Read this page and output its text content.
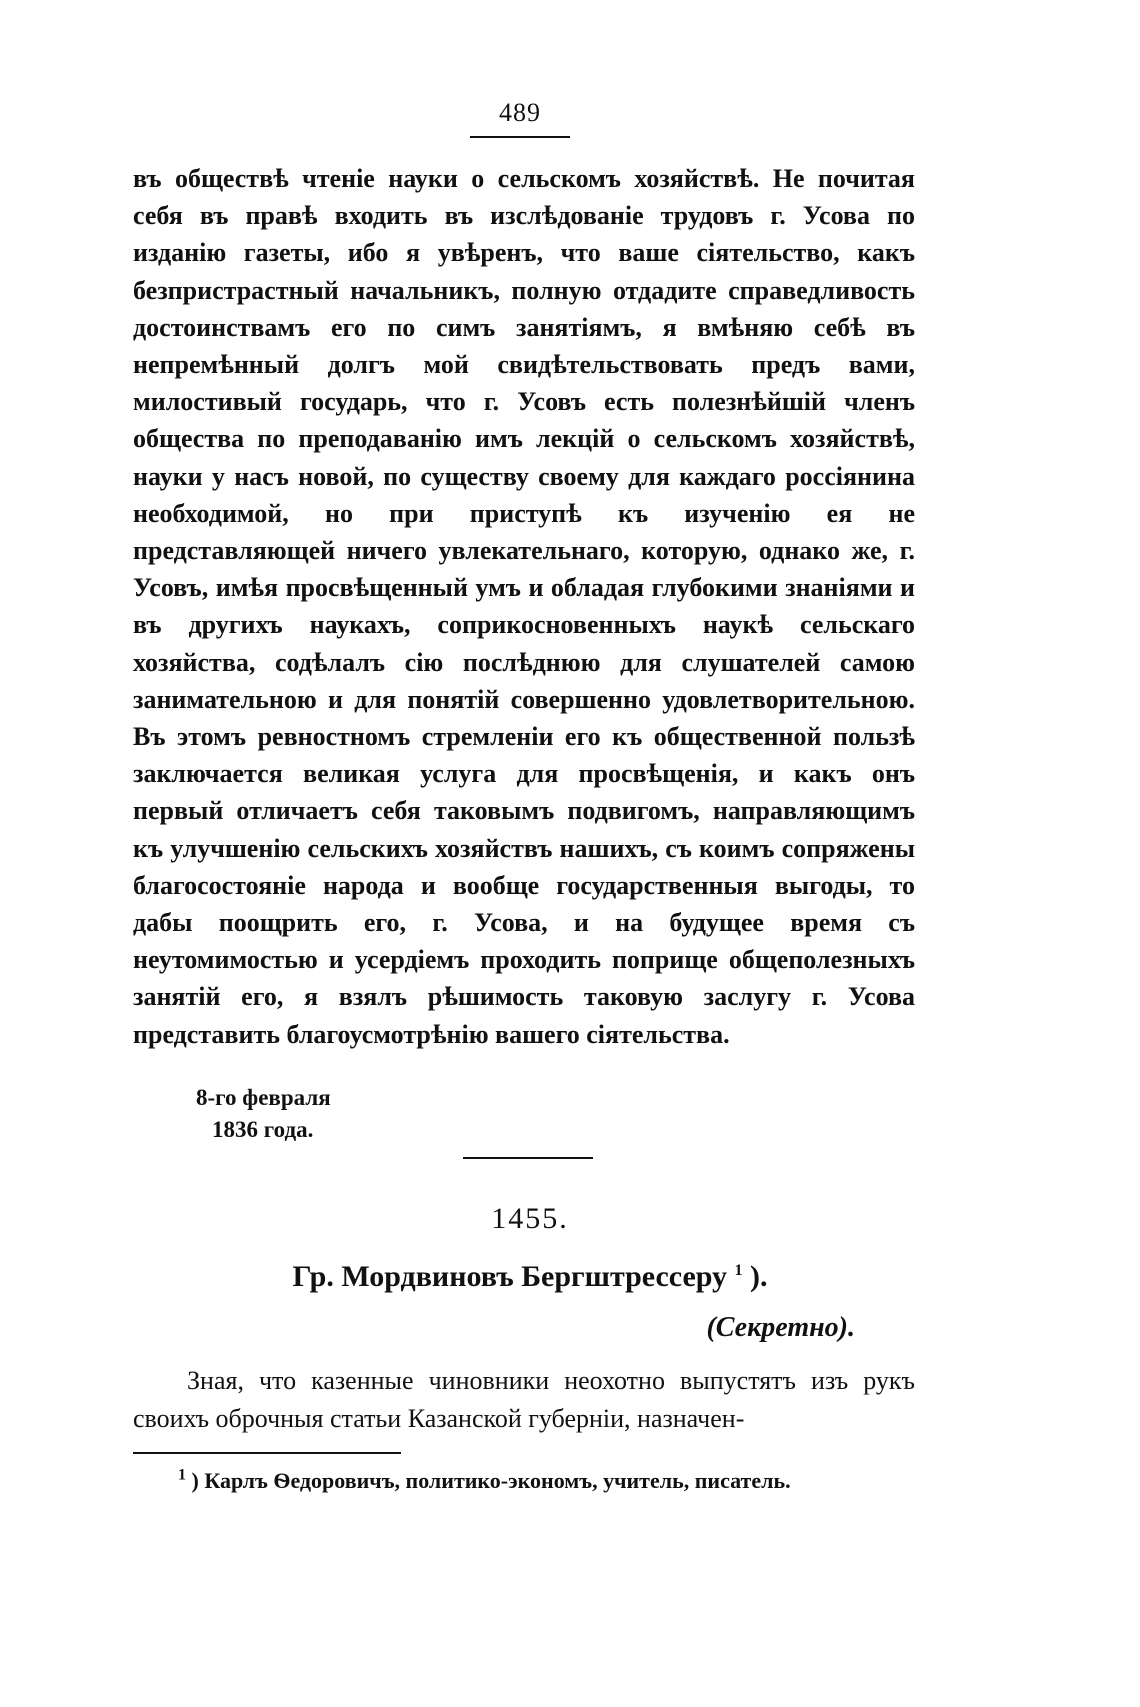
489
въ обществѣ чтеніе науки о сельскомъ хозяйствѣ. Не почитая себя въ правѣ входить въ изслѣдованіе трудовъ г. Усова по изданію газеты, ибо я увѣренъ, что ваше сіятельство, какъ безпристрастный начальникъ, полную отдадите справедливость достоинствамъ его по симъ занятіямъ, я вмѣняю себѣ въ непремѣнный долгъ мой свидѣтельствовать предъ вами, милостивый государь, что г. Усовъ есть полезнѣйшій членъ общества по преподаванію имъ лекцій о сельскомъ хозяйствѣ, науки у насъ новой, по существу своему для каждаго россіянина необходимой, но при приступѣ къ изученію ея не представляющей ничего увлекательнаго, которую, однако же, г. Усовъ, имѣя просвѣщенный умъ и обладая глубокими знаніями и въ другихъ наукахъ, соприкосновенныхъ наукѣ сельскаго хозяйства, содѣлалъ сію послѣднюю для слушателей самою занимательною и для понятій совершенно удовлетворительною. Въ этомъ ревностномъ стремленіи его къ общественной пользѣ заключается великая услуга для просвѣщенія, и какъ онъ первый отличаетъ себя таковымъ подвигомъ, направляющимъ къ улучшенію сельскихъ хозяйствъ нашихъ, съ коимъ сопряжены благосостояніе народа и вообще государственныя выгоды, то дабы поощрить его, г. Усова, и на будущее время съ неутомимостью и усердіемъ проходить поприще общеполезныхъ занятій его, я взялъ рѣшимость таковую заслугу г. Усова представить благоусмотрѣнію вашего сіятельства.
8-го февраля
1836 года.
1455.
Гр. Мордвиновъ Бергштрессеру $^1$ ).
(Секретно).
Зная, что казенные чиновники неохотно выпустятъ изъ рукъ своихъ оброчныя статьи Казанской губерніи, назначен-
$^1$ ) Карлъ Ѳедоровичъ, политико-экономъ, учитель, писатель.
